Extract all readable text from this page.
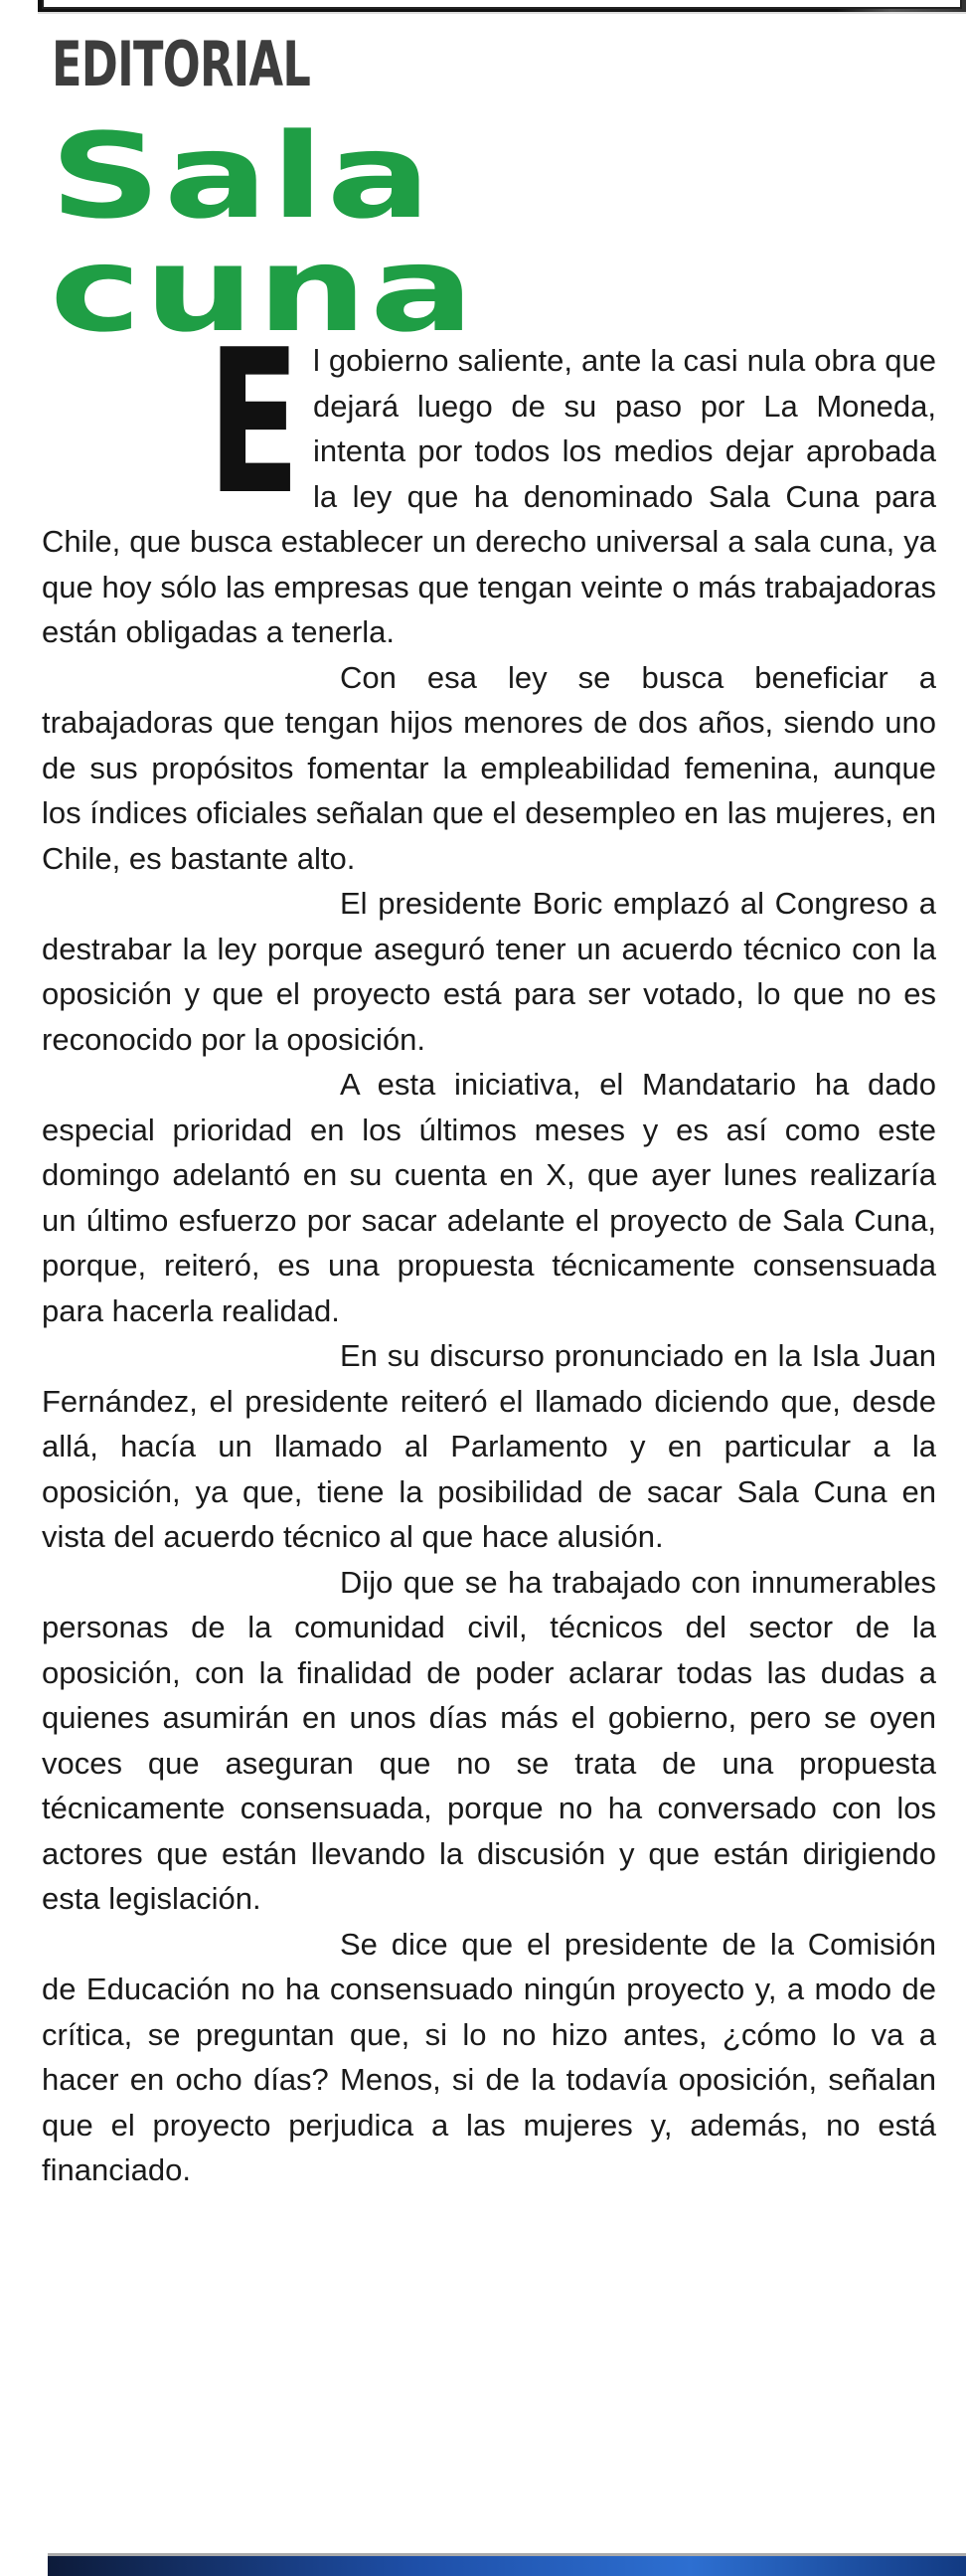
EDITORIAL
Sala
cuna
E l gobierno saliente, ante la casi nula obra que dejará luego de su paso por La Moneda, intenta por todos los medios dejar aprobada la ley que ha denominado Sala Cuna para Chile, que busca establecer un derecho universal a sala cuna, ya que hoy sólo las empresas que tengan veinte o más trabajadoras están obligadas a tenerla.

Con esa ley se busca beneficiar a trabajadoras que tengan hijos menores de dos años, siendo uno de sus propósitos fomentar la empleabilidad femenina, aunque los índices oficiales señalan que el desempleo en las mujeres, en Chile, es bastante alto.

El presidente Boric emplazó al Congreso a destrabar la ley porque aseguró tener un acuerdo técnico con la oposición y que el proyecto está para ser votado, lo que no es reconocido por la oposición.

A esta iniciativa, el Mandatario ha dado especial prioridad en los últimos meses y es así como este domingo adelantó en su cuenta en X, que ayer lunes realizaría un último esfuerzo por sacar adelante el proyecto de Sala Cuna, porque, reiteró, es una propuesta técnicamente consensuada para hacerla realidad.

En su discurso pronunciado en la Isla Juan Fernández, el presidente reiteró el llamado diciendo que, desde allá, hacía un llamado al Parlamento y en particular a la oposición, ya que, tiene la posibilidad de sacar Sala Cuna en vista del acuerdo técnico al que hace alusión.

Dijo que se ha trabajado con innumerables personas de la comunidad civil, técnicos del sector de la oposición, con la finalidad de poder aclarar todas las dudas a quienes asumirán en unos días más el gobierno, pero se oyen voces que aseguran que no se trata de una propuesta técnicamente consensuada, porque no ha conversado con los actores que están llevando la discusión y que están dirigiendo esta legislación.

Se dice que el presidente de la Comisión de Educación no ha consensuado ningún proyecto y, a modo de crítica, se preguntan que, si lo no hizo antes, ¿cómo lo va a hacer en ocho días? Menos, si de la todavía oposición, señalan que el proyecto perjudica a las mujeres y, además, no está financiado.
